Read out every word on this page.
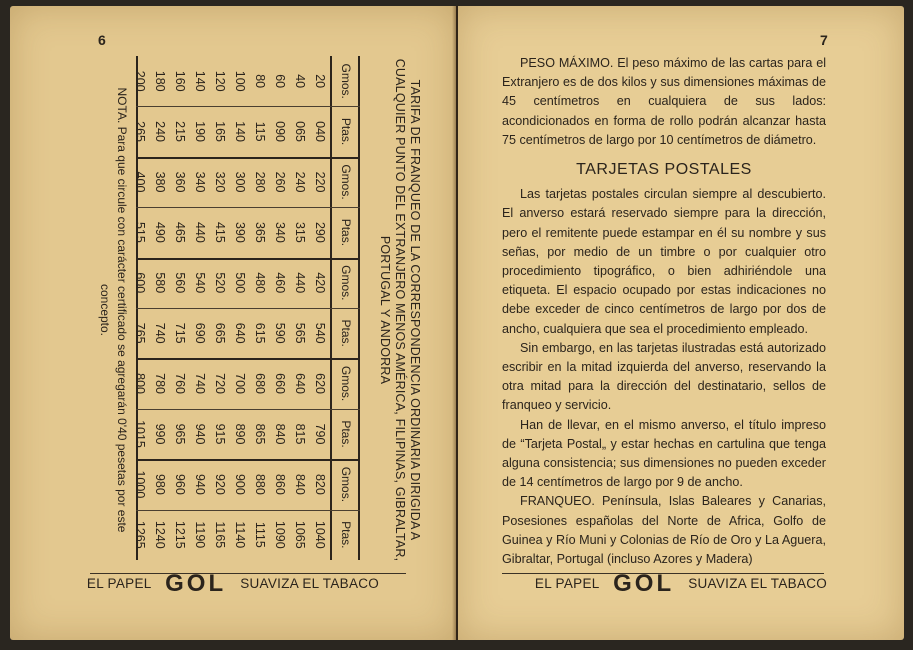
6
TARIFA DE FRANQUEO DE LA CORRESPONDENCIA ORDINARIA DIRIGIDA A CUALQUIER PUNTO DEL EXTRANJERO MENOS AMÉRICA, FILIPINAS, GIBRALTAR, PORTUGAL Y ANDORRA
Gmos.
20
40
60
80
100
120
140
160
180
200
Ptas.
040
065
090
115
140
165
190
215
240
265
Gmos.
220
240
260
280
300
320
340
360
380
400
Ptas.
290
315
340
365
390
415
440
465
490
515
Gmos.
420
440
460
480
500
520
540
560
580
600
Ptas.
540
565
590
615
640
665
690
715
740
765
Gmos.
620
640
660
680
700
720
740
760
780
800
Ptas.
790
815
840
865
890
915
940
965
990
1015
Gmos.
820
840
860
880
900
920
940
960
980
1000
Ptas.
1040
1065
1090
1115
1140
1165
1190
1215
1240
1265
NOTA. Para que circule con carácter certificado se agregarán 0'40 pesetas por este concepto.
EL PAPEL GOL SUAVIZA EL TABACO
7

PESO MÁXIMO. El peso máximo de las cartas para el Extranjero es de dos kilos y sus dimensiones máximas de 45 centímetros en cualquiera de sus lados: acondicionados en forma de rollo podrán alcanzar hasta 75 centímetros de largo por 10 centímetros de diámetro.

TARJETAS POSTALES

Las tarjetas postales circulan siempre al descubierto. El anverso estará reservado siempre para la dirección, pero el remitente puede estampar en él su nombre y sus señas, por medio de un timbre o por cualquier otro procedimiento tipográfico, o bien adhiriéndole una etiqueta. El espacio ocupado por estas indicaciones no debe exceder de cinco centímetros de largo por dos de ancho, cualquiera que sea el procedimiento empleado.

Sin embargo, en las tarjetas ilustradas está autorizado escribir en la mitad izquierda del anverso, reservando la otra mitad para la dirección del destinatario, sellos de franqueo y servicio.

Han de llevar, en el mismo anverso, el título impreso de “Tarjeta Postal„ y estar hechas en cartulina que tenga alguna consistencia; sus dimensiones no pueden exceder de 14 centímetros de largo por 9 de ancho.

FRANQUEO. Península, Islas Baleares y Canarias, Posesiones españolas del Norte de Africa, Golfo de Guinea y Río Muni y Colonias de Río de Oro y La Aguera, Gibraltar, Portugal (incluso Azores y Madera)

EL PAPEL GOL SUAVIZA EL TABACO
